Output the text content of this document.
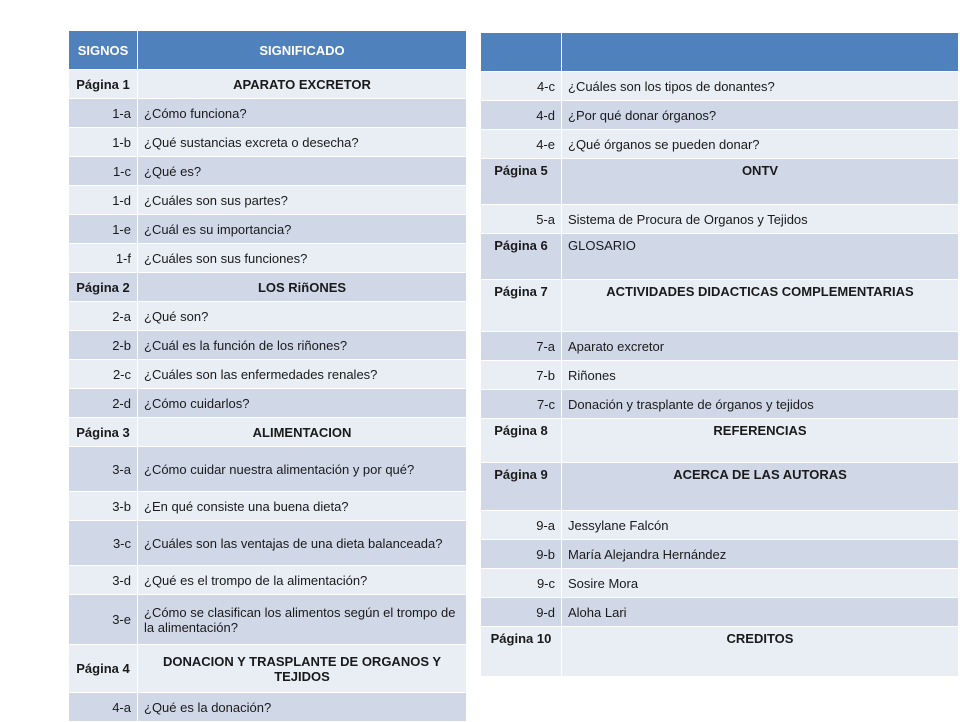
SIGNOS	SIGNIFICADO
Página 1	APARATO EXCRETOR
1-a	¿Cómo funciona?
1-b	¿Qué sustancias excreta o desecha?
1-c	¿Qué es?
1-d	¿Cuáles son sus partes?
1-e	¿Cuál es su importancia?
1-f	¿Cuáles son sus funciones?
Página 2	LOS RiñONES
2-a	¿Qué son?
2-b	¿Cuál es la función de los riñones?
2-c	¿Cuáles son las enfermedades renales?
2-d	¿Cómo cuidarlos?
Página 3	ALIMENTACION
3-a	¿Cómo cuidar nuestra alimentación y por qué?
3-b	¿En qué consiste una buena dieta?
3-c	¿Cuáles son las ventajas de una dieta balanceada?
3-d	¿Qué es el trompo de la alimentación?
3-e	¿Cómo se clasifican los alimentos según el trompo de la alimentación?
Página 4	DONACION Y TRASPLANTE DE ORGANOS Y TEJIDOS
4-a	¿Qué es la donación?

4-c	¿Cuáles son los tipos de donantes?
4-d	¿Por qué donar órganos?
4-e	¿Qué órganos se pueden donar?
Página 5	ONTV
5-a	Sistema de Procura de Organos y Tejidos
Página 6	GLOSARIO
Página 7	ACTIVIDADES DIDACTICAS COMPLEMENTARIAS
7-a	Aparato excretor
7-b	Riñones
7-c	Donación y trasplante de órganos y tejidos
Página 8	REFERENCIAS
Página 9	ACERCA DE LAS AUTORAS
9-a	Jessylane Falcón
9-b	María Alejandra Hernández
9-c	Sosire Mora
9-d	Aloha Lari
Página 10	CREDITOS
